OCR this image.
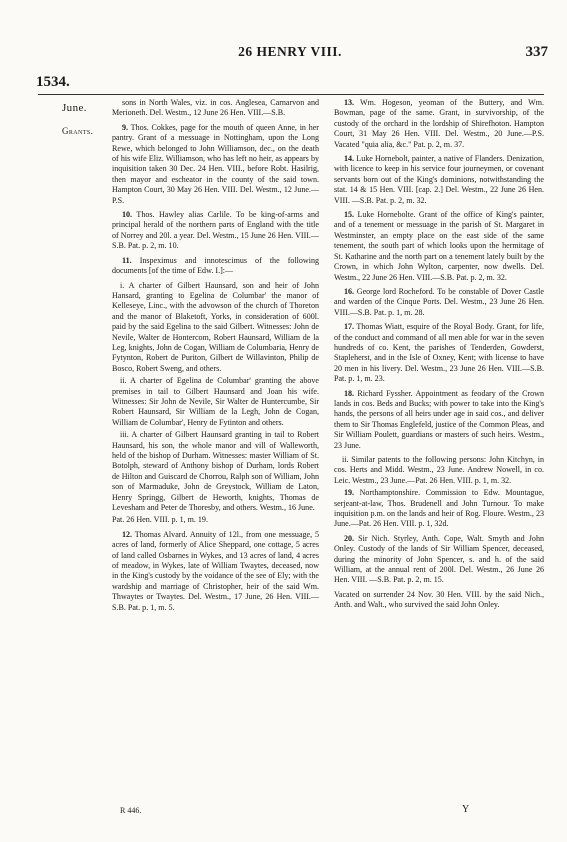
26 HENRY VIII.	337
1534.
June.
Grants.

sons in North Wales, viz. in cos. Anglesea, Carnarvon and Merioneth. Del. Westm., 12 June 26 Hen. VIII.—S.B.

9. Thos. Cokkes, page for the mouth of queen Anne, in her pantry. Grant of a messuage in Nottingham, upon the Long Rewe, which belonged to John Williamson, dec., on the death of his wife Eliz. Williamson, who has left no heir, as appears by inquisition taken 30 Dec. 24 Hen. VIII., before Robt. Hasilrig, then mayor and escheator in the county of the said town. Hampton Court, 30 May 26 Hen. VIII. Del. Westm., 12 June.—P.S.

10. Thos. Hawley alias Carlile. To be king-of-arms and principal herald of the northern parts of England with the title of Norrey and 20l. a year. Del. Westm., 15 June 26 Hen. VIII.—S.B. Pat. p. 2, m. 10.

11. Inspeximus and innotescimus of the following documents [of the time of Edw. I.]:—

i. A charter of Gilbert Haunsard, son and heir of John Hansard, granting to Egelina de Columbar' the manor of Kelleseye, Linc., with the advowson of the church of Thoreton and the manor of Blaketoft, Yorks, in consideration of 600l. paid by the said Egelina to the said Gilbert. Witnesses: John de Nevile, Walter de Hontercom, Robert Haunsard, William de la Leg, knights, John de Cogan, William de Columbaria, Henry de Fytynton, Robert de Puriton, Gilbert de Willavinton, Philip de Bosco, Robert Sweng, and others.

ii. A charter of Egelina de Columbar' granting the above premises in tail to Gilbert Haunsard and Joan his wife. Witnesses: Sir John de Nevile, Sir Walter de Huntercumbe, Sir Robert Haunsard, Sir William de la Legh, John de Cogan, William de Columbar', Henry de Fytinton and others.

iii. A charter of Gilbert Haunsard granting in tail to Robert Haunsard, his son, the whole manor and vill of Walleworth, held of the bishop of Durham. Witnesses: master William of St. Botolph, steward of Anthony bishop of Durham, lords Robert de Hilton and Guiscard de Chorrou, Ralph son of William, John son of Marmaduke, John de Greystock, William de Laton, Henry Springg, Gilbert de Heworth, knights, Thomas de Levesham and Peter de Thoresby, and others. Westm., 16 June.

Pat. 26 Hen. VIII. p. 1, m. 19.

12. Thomas Alvard. Annuity of 12l., from one messuage, 5 acres of land, formerly of Alice Sheppard, one cottage, 5 acres of land called Osbarnes in Wykes, and 13 acres of land, 4 acres of meadow, in Wykes, late of William Twaytes, deceased, now in the King's custody by the voidance of the see of Ely; with the wardship and marriage of Christopher, heir of the said Wm. Thwaytes or Twaytes. Del. Westm., 17 June, 26 Hen. VIII.—S.B. Pat. p. 1, m. 5.

13. Wm. Hogeson, yeoman of the Buttery, and Wm. Bowman, page of the same. Grant, in survivorship, of the custody of the orchard in the lordship of Shirefhoton. Hampton Court, 31 May 26 Hen. VIII. Del. Westm., 20 June.—P.S. Vacated "quia alia, &c." Pat. p. 2, m. 37.

14. Luke Hornebolt, painter, a native of Flanders. Denization, with licence to keep in his service four journeymen, or covenant servants born out of the King's dominions, notwithstanding the stat. 14 & 15 Hen. VIII. [cap. 2.] Del. Westm., 22 June 26 Hen. VIII. —S.B. Pat. p. 2, m. 32.

15. Luke Hornebolte. Grant of the office of King's painter, and of a tenement or messuage in the parish of St. Margaret in Westminster, an empty place on the east side of the same tenement, the south part of which looks upon the hermitage of St. Katharine and the north part on a tenement lately built by the Crown, in which John Wylton, carpenter, now dwells. Del. Westm., 22 June 26 Hen. VIII.—S.B. Pat. p. 2, m. 32.

16. George lord Rocheford. To be constable of Dover Castle and warden of the Cinque Ports. Del. Westm., 23 June 26 Hen. VIII.—S.B. Pat. p. 1, m. 28.

17. Thomas Wiatt, esquire of the Royal Body. Grant, for life, of the conduct and command of all men able for war in the seven hundreds of co. Kent, the parishes of Tenderden, Gowderst, Stapleherst, and in the Isle of Oxney, Kent; with license to have 20 men in his livery. Del. Westm., 23 June 26 Hen. VIII.—S.B. Pat. p. 1, m. 23.

18. Richard Fyssher. Appointment as feodary of the Crown lands in cos. Beds and Bucks; with power to take into the King's hands, the persons of all heirs under age in said cos., and deliver them to Sir Thomas Englefeld, justice of the Common Pleas, and Sir William Poulett, guardians or masters of such heirs. Westm., 23 June.

ii. Similar patents to the following persons: John Kitchyn, in cos. Herts and Midd. Westm., 23 June. Andrew Nowell, in co. Leic. Westm., 23 June.—Pat. 26 Hen. VIII. p. 1, m. 32.

19. Northamptonshire. Commission to Edw. Mountague, serjeant-at-law, Thos. Brudenell and John Turnour. To make inquisition p.m. on the lands and heir of Rog. Floure. Westm., 23 June.—Pat. 26 Hen. VIII. p. 1, 32d.

20. Sir Nich. Styrley, Anth. Cope, Walt. Smyth and John Onley. Custody of the lands of Sir William Spencer, deceased, during the minority of John Spencer, s. and h. of the said William, at the annual rent of 200l. Del. Westm., 26 June 26 Hen. VIII. —S.B. Pat. p. 2, m. 15.

Vacated on surrender 24 Nov. 30 Hen. VIII. by the said Nich., Anth. and Walt., who survived the said John Onley.

R 446.	Y
